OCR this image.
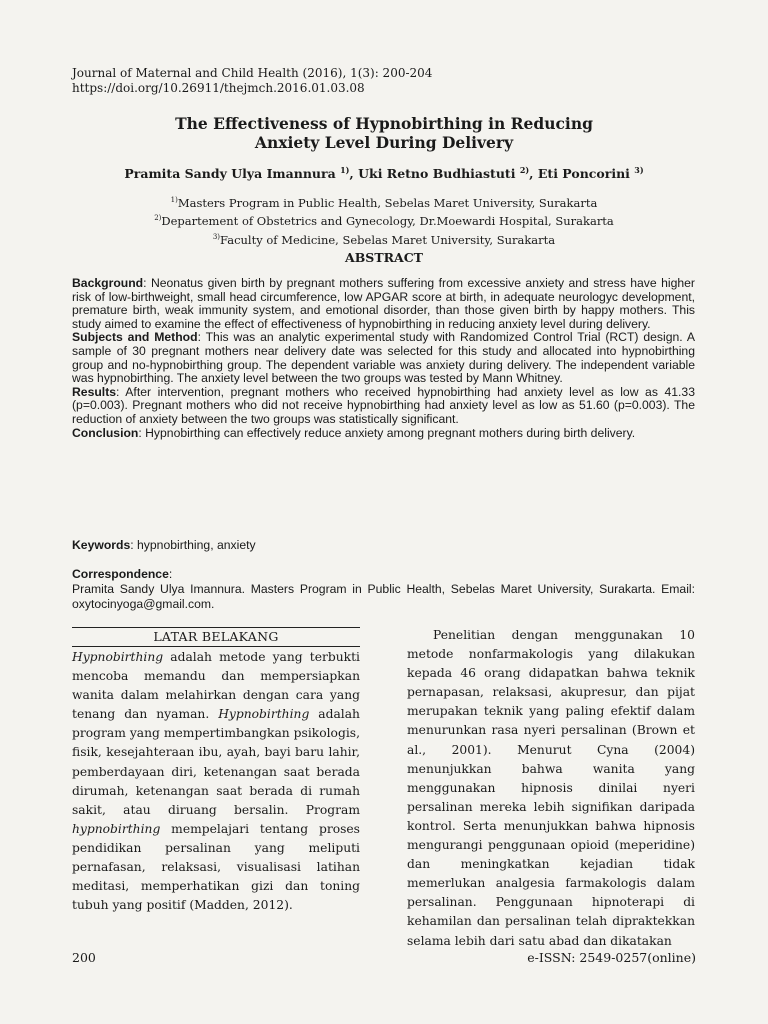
Journal of Maternal and Child Health (2016), 1(3): 200-204
https://doi.org/10.26911/thejmch.2016.01.03.08
The Effectiveness of Hypnobirthing in Reducing
Anxiety Level During Delivery
Pramita Sandy Ulya Imannura $^{1)}$, Uki Retno Budhiastuti $^{2)}$, Eti Poncorini $^{3)}$
$^{1)}$Masters Program in Public Health, Sebelas Maret University, Surakarta
$^{2)}$Departement of Obstetrics and Gynecology, Dr.Moewardi Hospital, Surakarta
$^{3)}$Faculty of Medicine, Sebelas Maret University, Surakarta
ABSTRACT

Background: Neonatus given birth by pregnant mothers suffering from excessive anxiety and stress have higher risk of low-birthweight, small head circumference, low APGAR score at birth, in adequate neurologyc development, premature birth, weak immunity system, and emotional disorder, than those given birth by happy mothers. This study aimed to examine the effect of effectiveness of hypnobirthing in reducing anxiety level during delivery.

Subjects and Method: This was an analytic experimental study with Randomized Control Trial (RCT) design. A sample of 30 pregnant mothers near delivery date was selected for this study and allocated into hypnobirthing group and no-hypnobirthing group. The dependent variable was anxiety during delivery. The independent variable was hypnobirthing. The anxiety level between the two groups was tested by Mann Whitney.

Results: After intervention, pregnant mothers who received hypnobirthing had anxiety level as low as 41.33 (p=0.003). Pregnant mothers who did not receive hypnobirthing had anxiety level as low as 51.60 (p=0.003). The reduction of anxiety between the two groups was statistically significant.

Conclusion: Hypnobirthing can effectively reduce anxiety among pregnant mothers during birth delivery.

Keywords: hypnobirthing, anxiety
Correspondence:
Pramita Sandy Ulya Imannura. Masters Program in Public Health, Sebelas Maret University, Surakarta. Email: oxytocinyoga@gmail.com.
LATAR BELAKANG

Hypnobirthing adalah metode yang terbukti mencoba memandu dan mempersiapkan wanita dalam melahirkan dengan cara yang tenang dan nyaman. Hypnobirthing adalah program yang mempertimbangkan psikologis, fisik, kesejahteraan ibu, ayah, bayi baru lahir, pemberdayaan diri, ketenangan saat berada dirumah, ketenangan saat berada di rumah sakit, atau diruang bersalin. Program hypnobirthing mempelajari tentang proses pendidikan persalinan yang meliputi pernafasan, relaksasi, visualisasi latihan meditasi, memperhatikan gizi dan toning tubuh yang positif (Madden, 2012).

Penelitian dengan menggunakan 10 metode nonfarmakologis yang dilakukan kepada 46 orang didapatkan bahwa teknik pernapasan, relaksasi, akupresur, dan pijat merupakan teknik yang paling efektif dalam menurunkan rasa nyeri persalinan (Brown et al., 2001). Menurut Cyna (2004) menunjukkan bahwa wanita yang menggunakan hipnosis dinilai nyeri persalinan mereka lebih signifikan daripada kontrol. Serta menunjukkan bahwa hipnosis mengurangi penggunaan opioid (meperidine) dan meningkatkan kejadian tidak memerlukan analgesia farmakologis dalam persalinan. Penggunaan hipnoterapi di kehamilan dan persalinan telah dipraktekkan selama lebih dari satu abad dan dikatakan

200	e-ISSN: 2549-0257(online)
